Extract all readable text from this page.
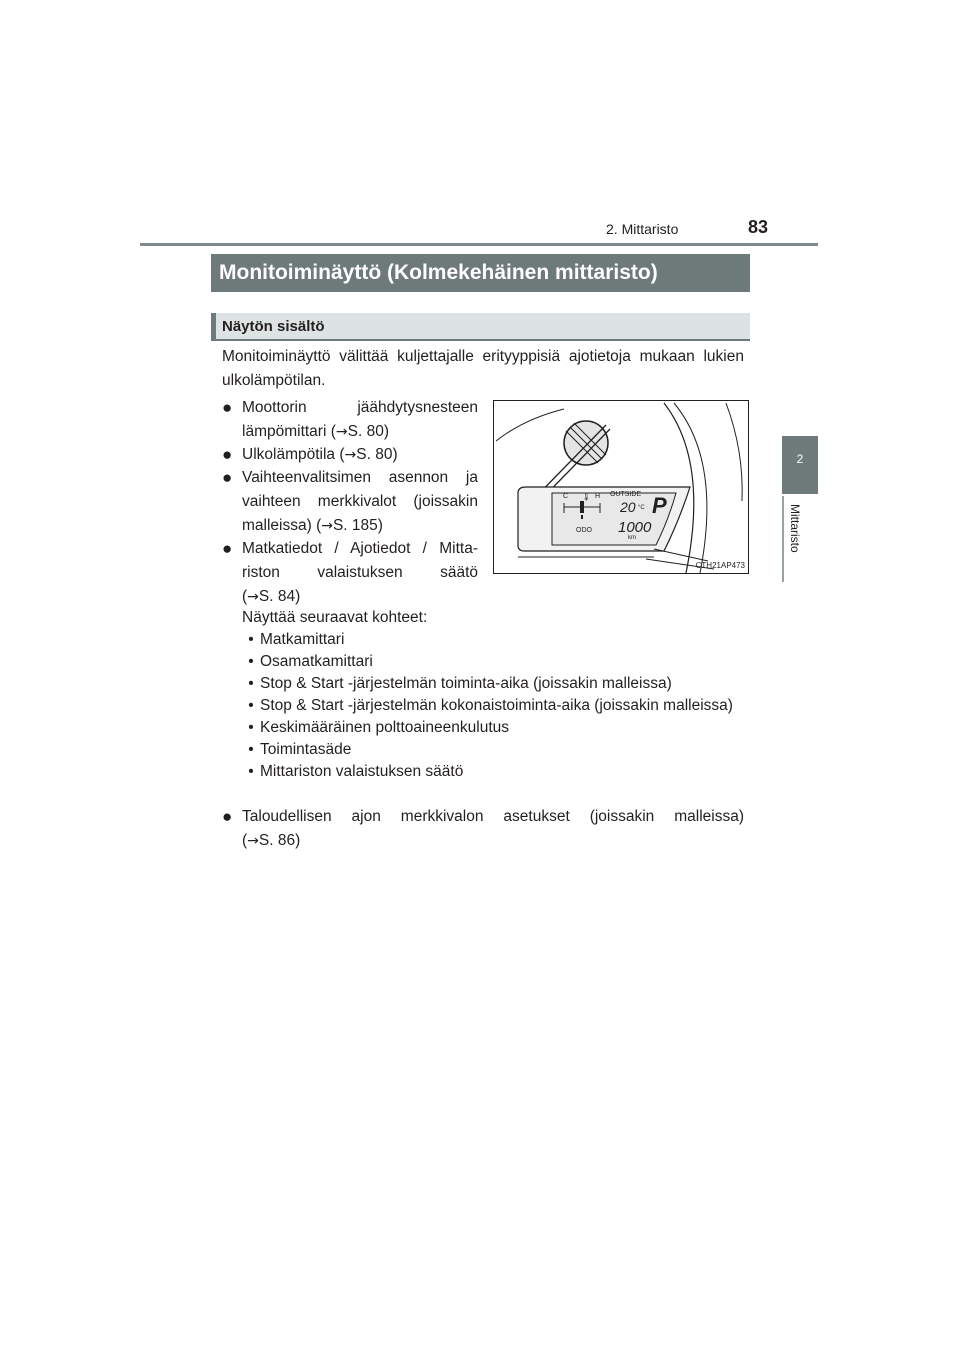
2. Mittaristo	83
2
Mittaristo
Monitoiminäyttö (Kolmekehäinen mittaristo)
Näytön sisältö
Monitoiminäyttö välittää kuljettajalle erityyppisiä ajotietoja mukaan lukien ulkolämpötilan.
● Moottorin jäähdytysnesteen
lämpömittari (→S. 80)
● Ulkolämpötila (→S. 80)
● Vaihteenvalitsimen asennon ja
vaihteen merkkivalot (joissakin
malleissa) (→S. 185)
● Matkatiedot / Ajotiedot / Mitta-
riston valaistuksen säätö
(→S. 84)
Näyttää seuraavat kohteet:
• Matkamittari
• Osamatkamittari
• Stop & Start -järjestelmän toiminta-aika (joissakin malleissa)
• Stop & Start -järjestelmän kokonaistoiminta-aika (joissakin malleissa)
• Keskimääräinen polttoaineenkulutus
• Toimintasäde
• Mittariston valaistuksen säätö
● Taloudellisen ajon merkkivalon asetukset (joissakin malleissa)
(→S. 86)
C 🌡 H OUTSIDE
20 °C P
ODO 1000
km
CTH21AP473
